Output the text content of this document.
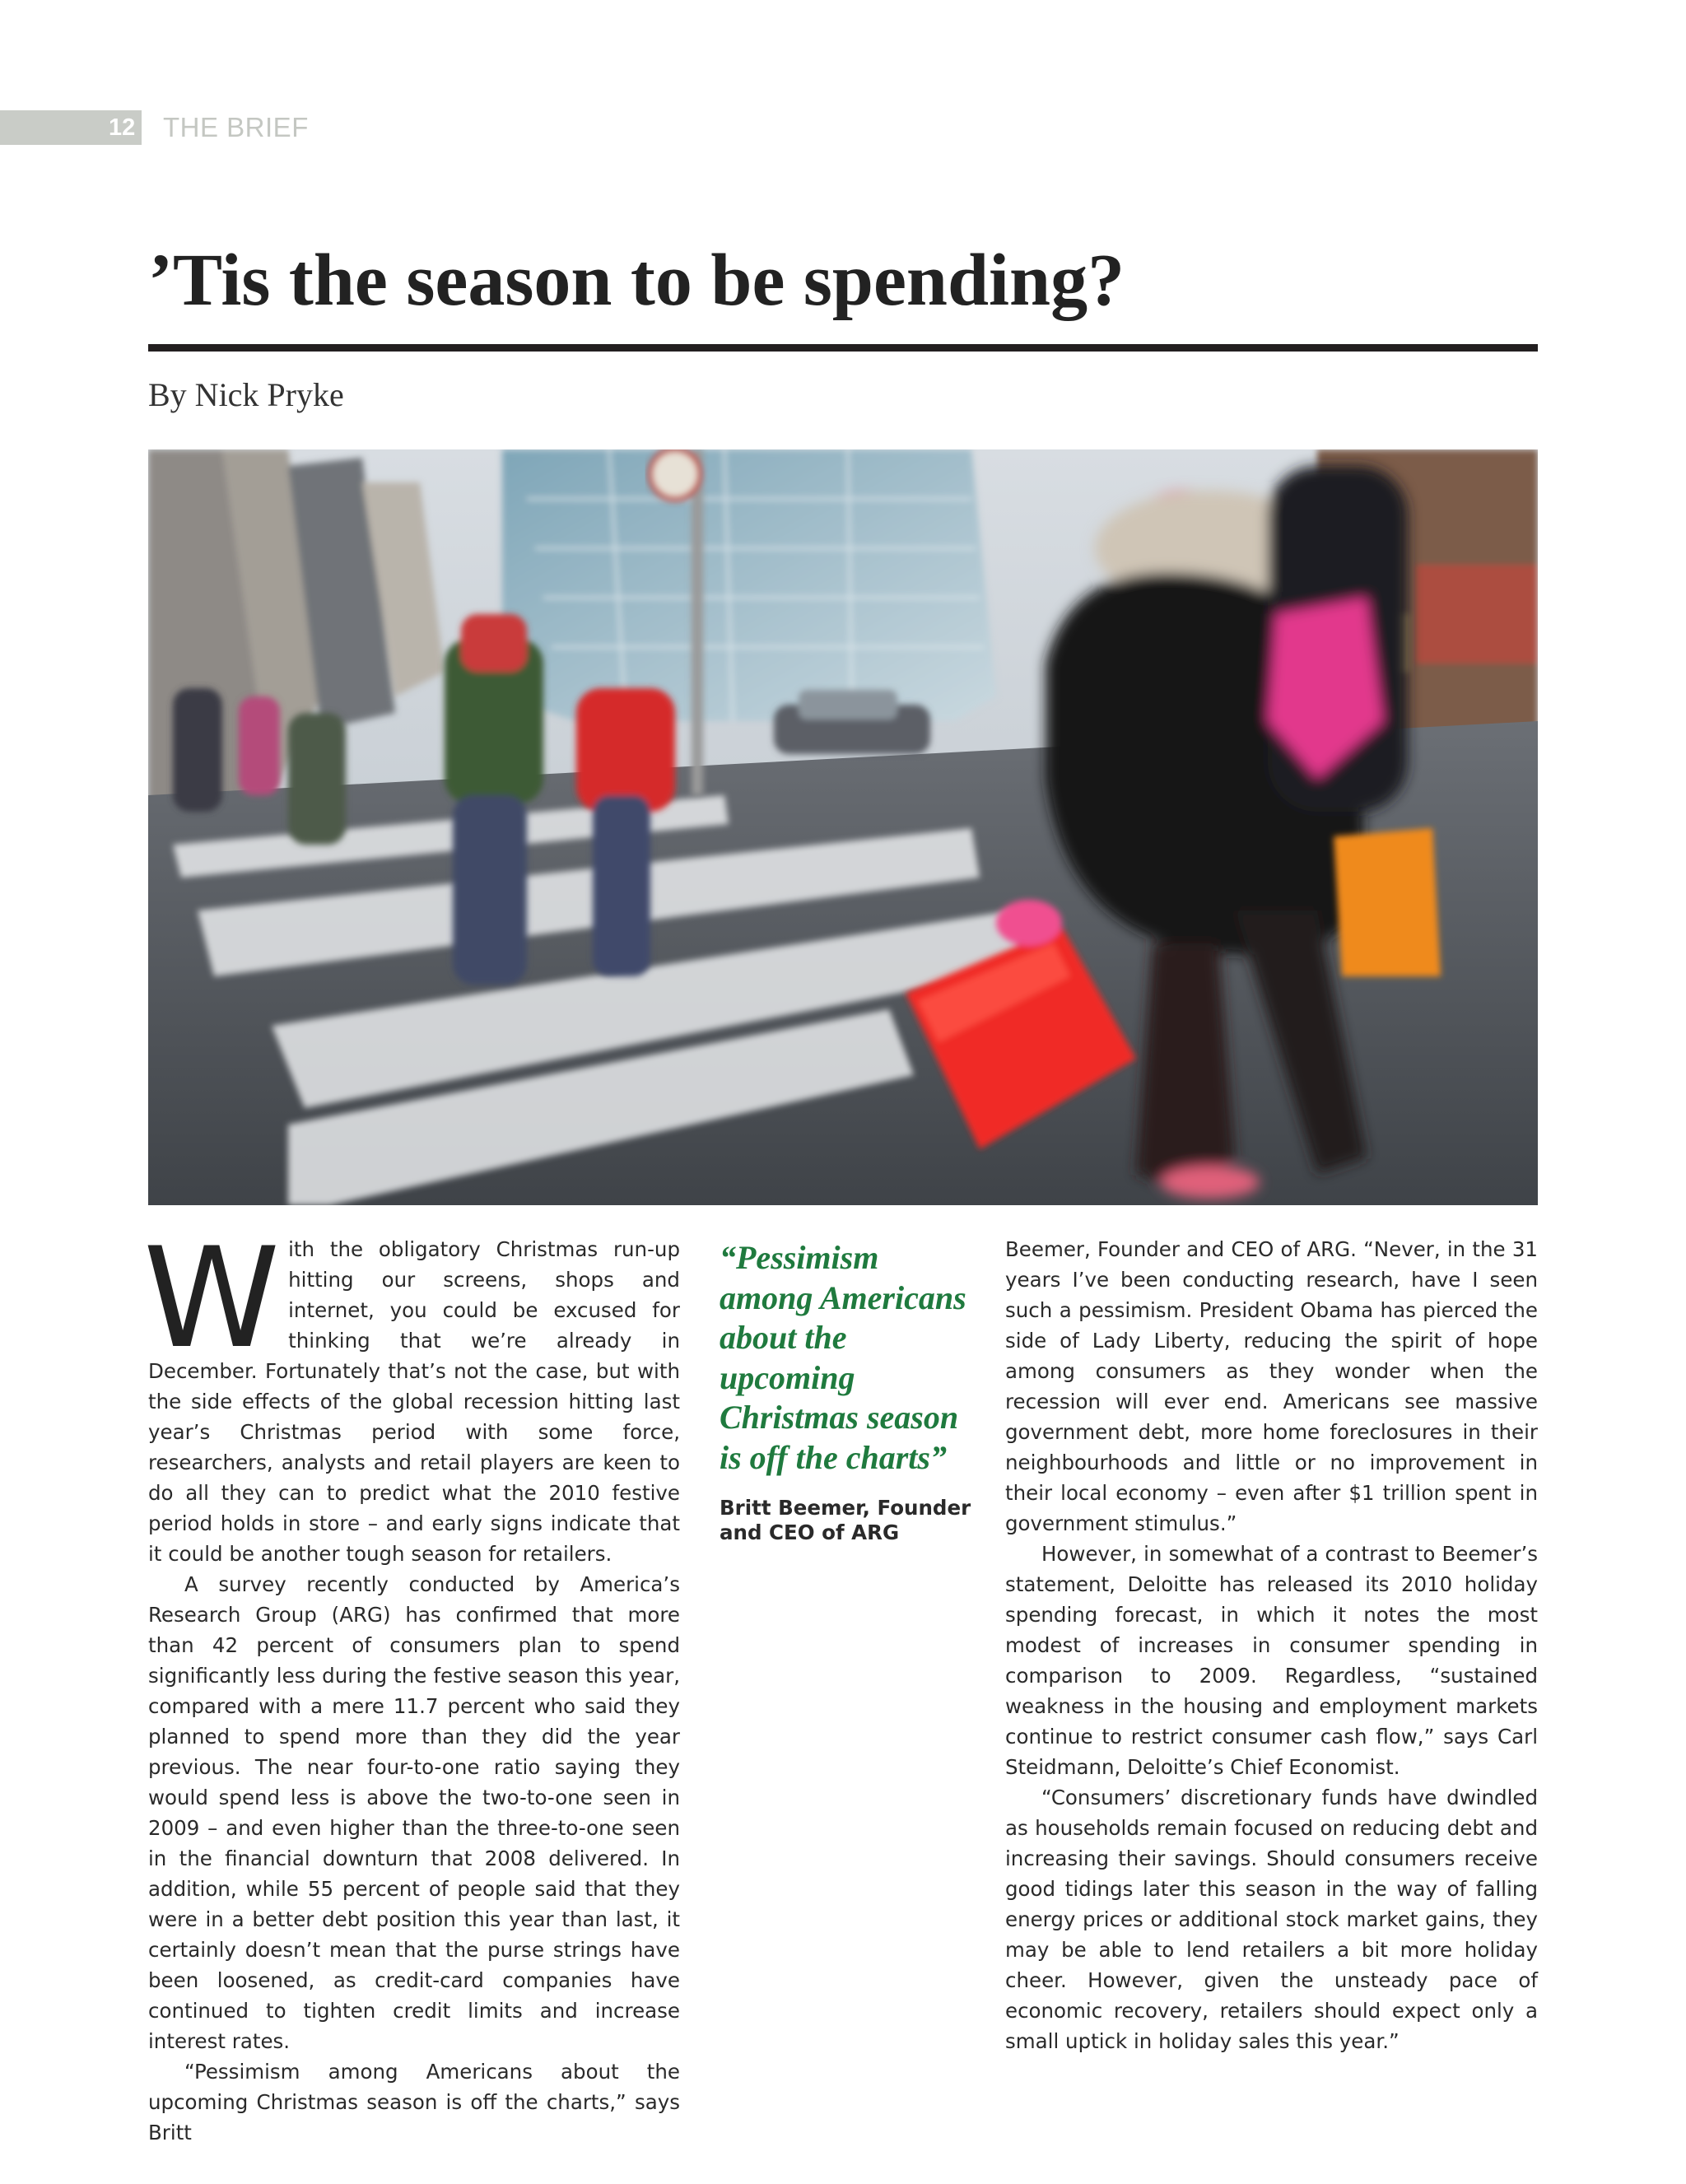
12 THE BRIEF
’Tis the season to be spending?
By Nick Pryke

With the obligatory Christmas run-up hitting our screens, shops and internet, you could be excused for thinking that we’re already in December. Fortunately that’s not the case, but with the side effects of the global recession hitting last year’s Christmas period with some force, researchers, analysts and retail players are keen to do all they can to predict what the 2010 festive period holds in store – and early signs indicate that it could be another tough season for retailers.

A survey recently conducted by America’s Research Group (ARG) has confirmed that more than 42 percent of consumers plan to spend significantly less during the festive season this year, compared with a mere 11.7 percent who said they planned to spend more than they did the year previous. The near four-to-one ratio saying they would spend less is above the two-to-one seen in 2009 – and even higher than the three-to-one seen in the financial downturn that 2008 delivered. In addition, while 55 percent of people said that they were in a better debt position this year than last, it certainly doesn’t mean that the purse strings have been loosened, as credit-card companies have continued to tighten credit limits and increase interest rates.

“Pessimism among Americans about the upcoming Christmas season is off the charts,” says Britt

“Pessimism among Americans about the upcoming Christmas season is off the charts”

Britt Beemer, Founder and CEO of ARG

Beemer, Founder and CEO of ARG. “Never, in the 31 years I’ve been conducting research, have I seen such a pessimism. President Obama has pierced the side of Lady Liberty, reducing the spirit of hope among consumers as they wonder when the recession will ever end. Americans see massive government debt, more home foreclosures in their neighbourhoods and little or no improvement in their local economy – even after $1 trillion spent in government stimulus.”

However, in somewhat of a contrast to Beemer’s statement, Deloitte has released its 2010 holiday spending forecast, in which it notes the most modest of increases in consumer spending in comparison to 2009. Regardless, “sustained weakness in the housing and employment markets continue to restrict consumer cash flow,” says Carl Steidmann, Deloitte’s Chief Economist.

“Consumers’ discretionary funds have dwindled as households remain focused on reducing debt and increasing their savings. Should consumers receive good tidings later this season in the way of falling energy prices or additional stock market gains, they may be able to lend retailers a bit more holiday cheer. However, given the unsteady pace of economic recovery, retailers should expect only a small uptick in holiday sales this year.”
